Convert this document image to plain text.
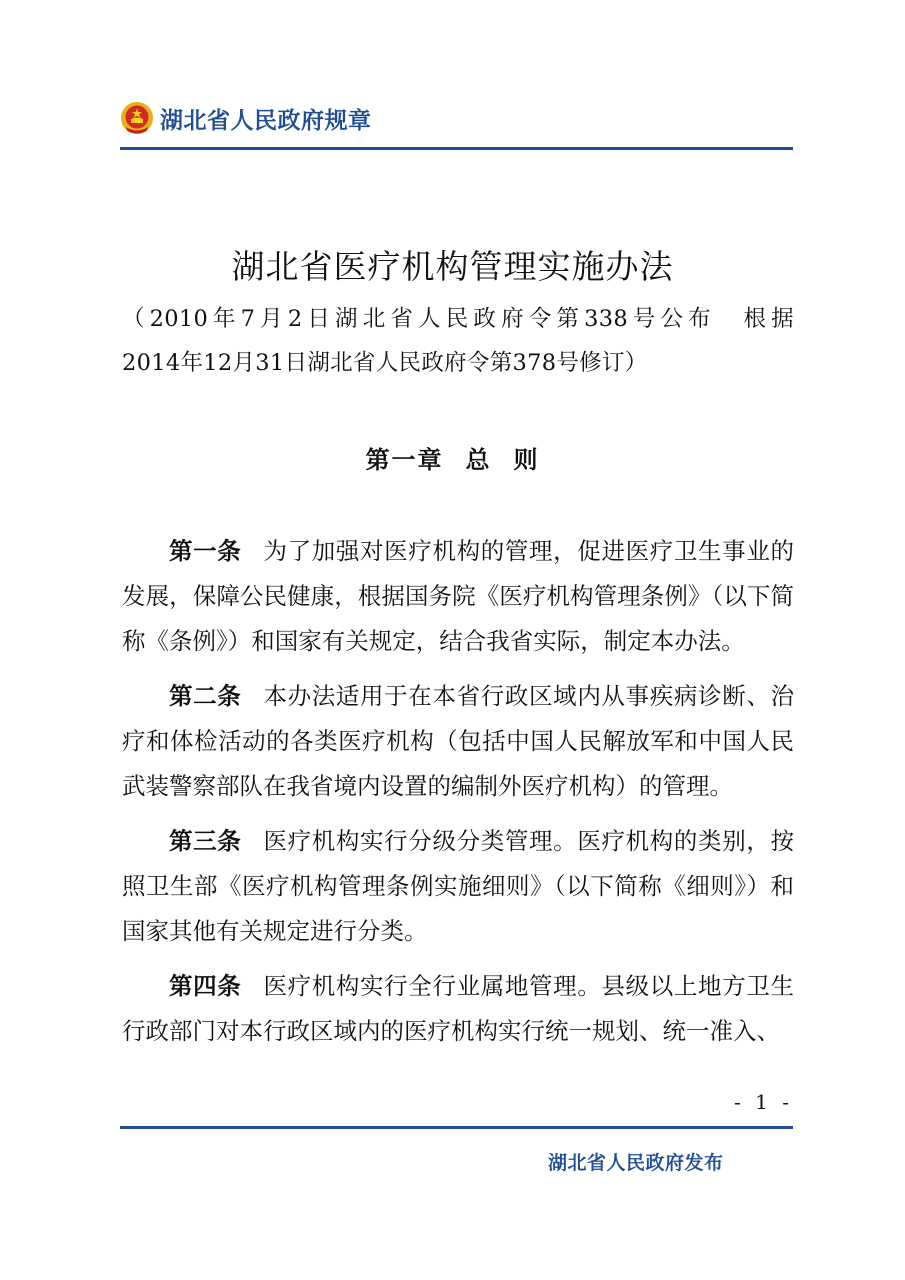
湖北省人民政府规章
湖北省医疗机构管理实施办法

（2010年7月2日湖北省人民政府令第338号公布　根据
2014年12月31日湖北省人民政府令第378号修订）

第一章 总 则

第一条 为了加强对医疗机构的管理，促进医疗卫生事业的发展，保障公民健康，根据国务院《医疗机构管理条例》（以下简称《条例》）和国家有关规定，结合我省实际，制定本办法。

第二条 本办法适用于在本省行政区域内从事疾病诊断、治疗和体检活动的各类医疗机构（包括中国人民解放军和中国人民武装警察部队在我省境内设置的编制外医疗机构）的管理。

第三条 医疗机构实行分级分类管理。医疗机构的类别，按照卫生部《医疗机构管理条例实施细则》（以下简称《细则》）和国家其他有关规定进行分类。

第四条 医疗机构实行全行业属地管理。县级以上地方卫生行政部门对本行政区域内的医疗机构实行统一规划、统一准入、

- 1 -
湖北省人民政府发布
